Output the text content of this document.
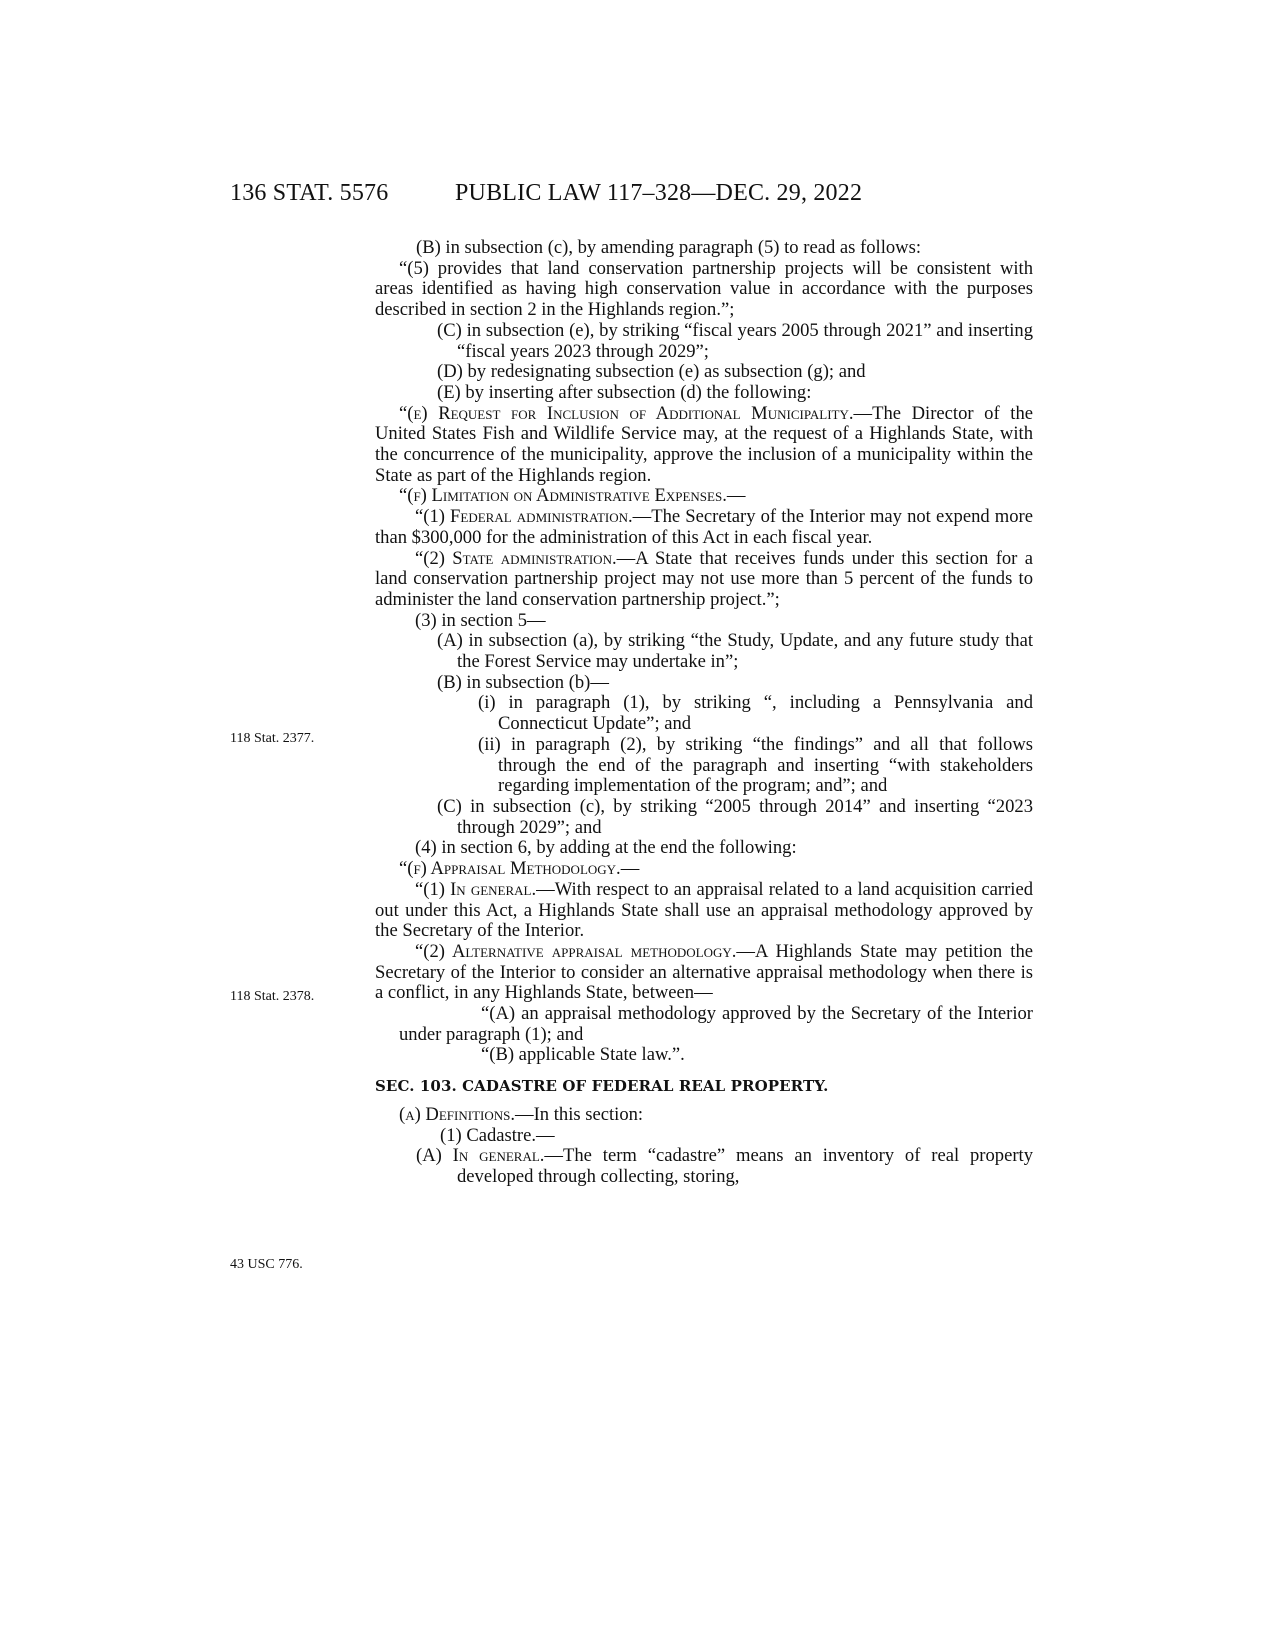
136 STAT. 5576	PUBLIC LAW 117–328—DEC. 29, 2022
118 Stat. 2377.
118 Stat. 2378.
43 USC 776.

(B) in subsection (c), by amending paragraph (5) to read as follows:

“(5) provides that land conservation partnership projects will be consistent with areas identified as having high conservation value in accordance with the purposes described in section 2 in the Highlands region.”;

(C) in subsection (e), by striking “fiscal years 2005 through 2021” and inserting “fiscal years 2023 through 2029”;

(D) by redesignating subsection (e) as subsection (g); and

(E) by inserting after subsection (d) the following:

“(e) Request for Inclusion of Additional Municipality.—The Director of the United States Fish and Wildlife Service may, at the request of a Highlands State, with the concurrence of the municipality, approve the inclusion of a municipality within the State as part of the Highlands region.

“(f) Limitation on Administrative Expenses.—

“(1) Federal administration.—The Secretary of the Interior may not expend more than $300,000 for the administration of this Act in each fiscal year.

“(2) State administration.—A State that receives funds under this section for a land conservation partnership project may not use more than 5 percent of the funds to administer the land conservation partnership project.”;

(3) in section 5—

(A) in subsection (a), by striking “the Study, Update, and any future study that the Forest Service may undertake in”;

(B) in subsection (b)—

(i) in paragraph (1), by striking “, including a Pennsylvania and Connecticut Update”; and

(ii) in paragraph (2), by striking “the findings” and all that follows through the end of the paragraph and inserting “with stakeholders regarding implementation of the program; and”; and

(C) in subsection (c), by striking “2005 through 2014” and inserting “2023 through 2029”; and

(4) in section 6, by adding at the end the following:

“(f) Appraisal Methodology.—

“(1) In general.—With respect to an appraisal related to a land acquisition carried out under this Act, a Highlands State shall use an appraisal methodology approved by the Secretary of the Interior.

“(2) Alternative appraisal methodology.—A Highlands State may petition the Secretary of the Interior to consider an alternative appraisal methodology when there is a conflict, in any Highlands State, between—

“(A) an appraisal methodology approved by the Secretary of the Interior under paragraph (1); and

“(B) applicable State law.”.

SEC. 103. CADASTRE OF FEDERAL REAL PROPERTY.

(a) Definitions.—In this section:

(1) Cadastre.—

(A) In general.—The term “cadastre” means an inventory of real property developed through collecting, storing,
